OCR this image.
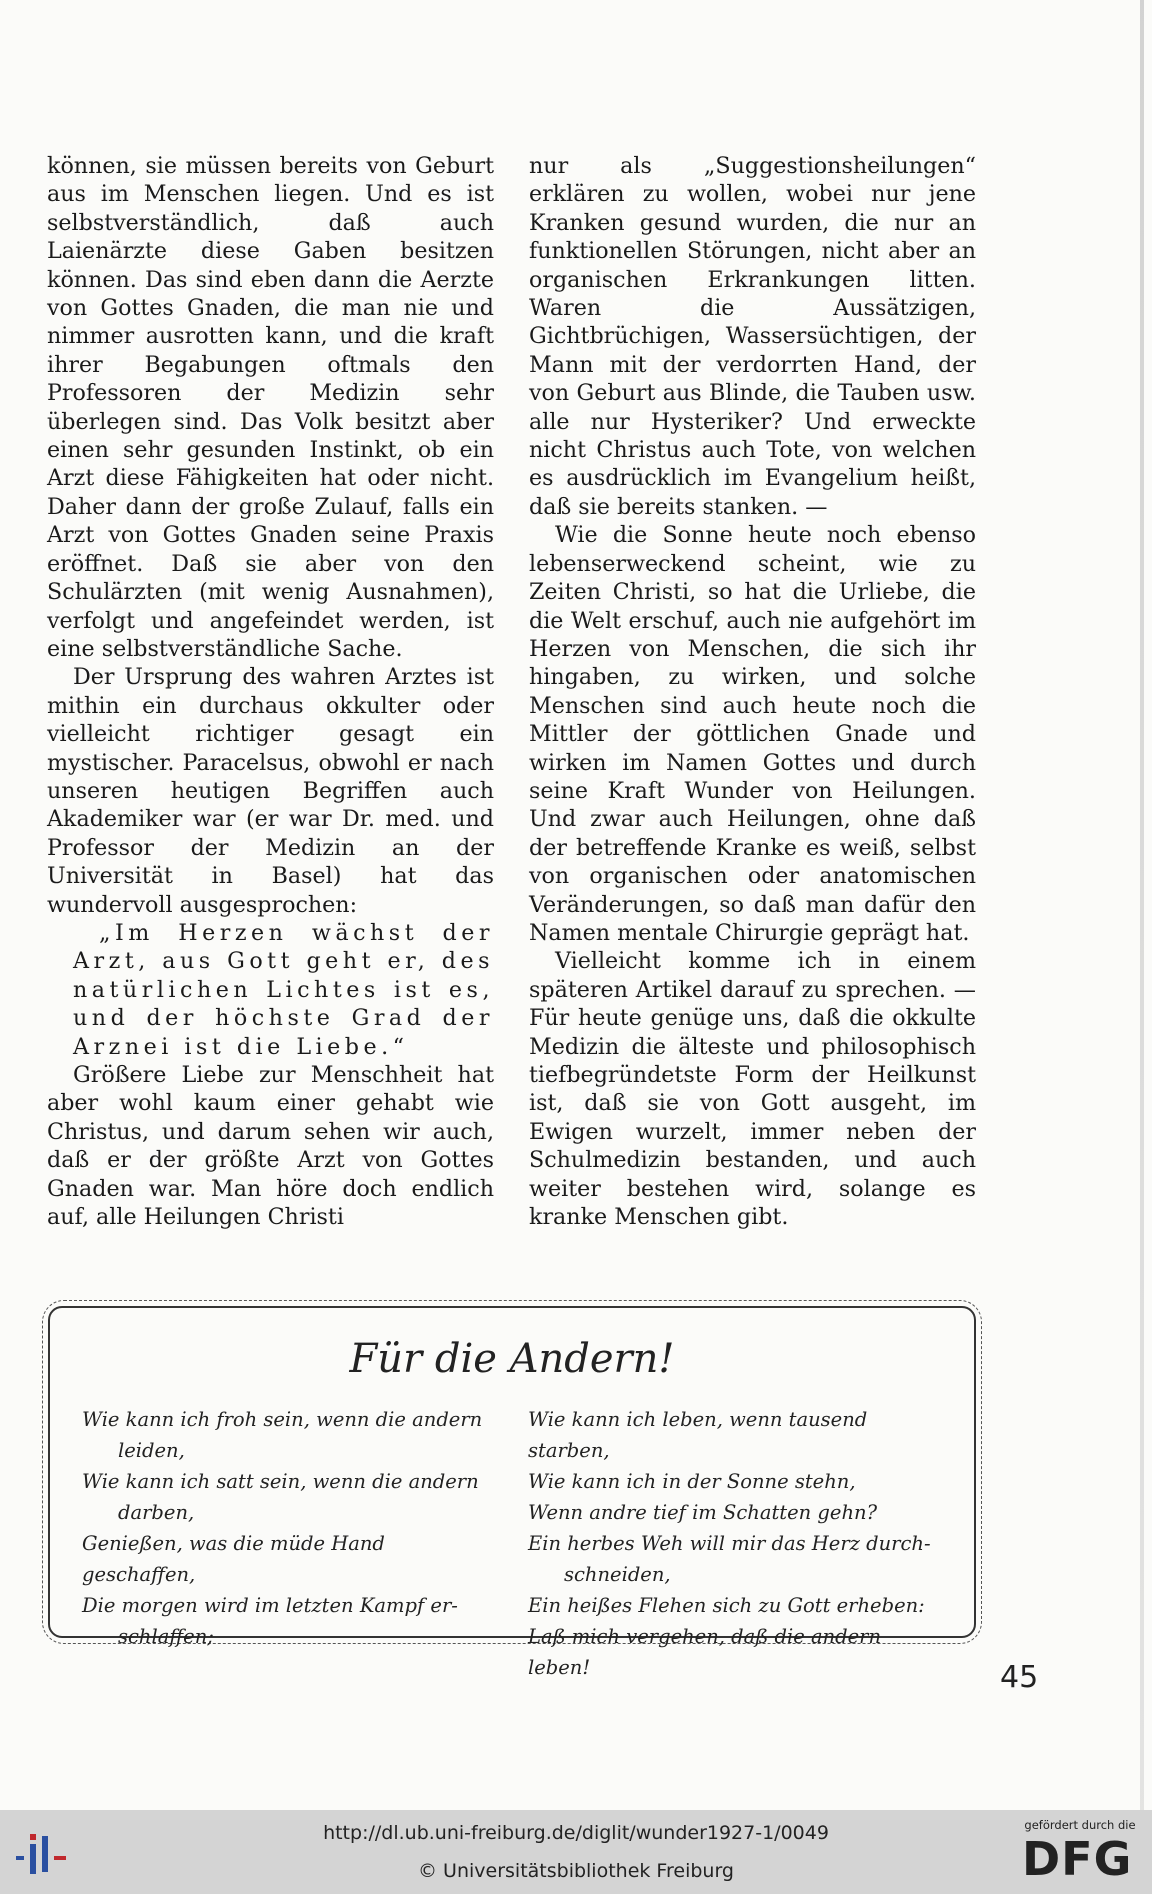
können, sie müssen bereits von Geburt aus im Menschen liegen. Und es ist selbstverständlich, daß auch Laienärzte diese Gaben besitzen können. Das sind eben dann die Aerzte von Gottes Gnaden, die man nie und nimmer ausrotten kann, und die kraft ihrer Begabungen oftmals den Professoren der Medizin sehr überlegen sind. Das Volk besitzt aber einen sehr gesunden Instinkt, ob ein Arzt diese Fähigkeiten hat oder nicht. Daher dann der große Zulauf, falls ein Arzt von Gottes Gnaden seine Praxis eröffnet. Daß sie aber von den Schulärzten (mit wenig Ausnahmen), verfolgt und angefeindet werden, ist eine selbstverständliche Sache.

Der Ursprung des wahren Arztes ist mithin ein durchaus okkulter oder vielleicht richtiger gesagt ein mystischer. Paracelsus, obwohl er nach unseren heutigen Begriffen auch Akademiker war (er war Dr. med. und Professor der Medizin an der Universität in Basel) hat das wundervoll ausgesprochen:

„Im Herzen wächst der Arzt, aus Gott geht er, des natürlichen Lichtes ist es, und der höchste Grad der Arznei ist die Liebe.“

Größere Liebe zur Menschheit hat aber wohl kaum einer gehabt wie Christus, und darum sehen wir auch, daß er der größte Arzt von Gottes Gnaden war. Man höre doch endlich auf, alle Heilungen Christi

nur als „Suggestionsheilungen“ erklären zu wollen, wobei nur jene Kranken gesund wurden, die nur an funktionellen Störungen, nicht aber an organischen Erkrankungen litten. Waren die Aussätzigen, Gichtbrüchigen, Wassersüchtigen, der Mann mit der verdorrten Hand, der von Geburt aus Blinde, die Tauben usw. alle nur Hysteriker? Und erweckte nicht Christus auch Tote, von welchen es ausdrücklich im Evangelium heißt, daß sie bereits stanken. —

Wie die Sonne heute noch ebenso lebenserweckend scheint, wie zu Zeiten Christi, so hat die Urliebe, die die Welt erschuf, auch nie aufgehört im Herzen von Menschen, die sich ihr hingaben, zu wirken, und solche Menschen sind auch heute noch die Mittler der göttlichen Gnade und wirken im Namen Gottes und durch seine Kraft Wunder von Heilungen. Und zwar auch Heilungen, ohne daß der betreffende Kranke es weiß, selbst von organischen oder anatomischen Veränderungen, so daß man dafür den Namen mentale Chirurgie geprägt hat.

Vielleicht komme ich in einem späteren Artikel darauf zu sprechen. — Für heute genüge uns, daß die okkulte Medizin die älteste und philosophisch tiefbegründetste Form der Heilkunst ist, daß sie von Gott ausgeht, im Ewigen wurzelt, immer neben der Schulmedizin bestanden, und auch weiter bestehen wird, solange es kranke Menschen gibt.

Für die Andern!
Wie kann ich froh sein, wenn die andern
leiden,
Wie kann ich satt sein, wenn die andern
darben,
Genießen, was die müde Hand geschaffen,
Die morgen wird im letzten Kampf er-
schlaffen;
Wie kann ich leben, wenn tausend starben,
Wie kann ich in der Sonne stehn,
Wenn andre tief im Schatten gehn?
Ein herbes Weh will mir das Herz durch-
schneiden,
Ein heißes Flehen sich zu Gott erheben:
Laß mich vergehen, daß die andern leben!	45
http://dl.ub.uni-freiburg.de/diglit/wunder1927-1/0049
© Universitätsbibliothek Freiburg
gefördert durch die
DFG
